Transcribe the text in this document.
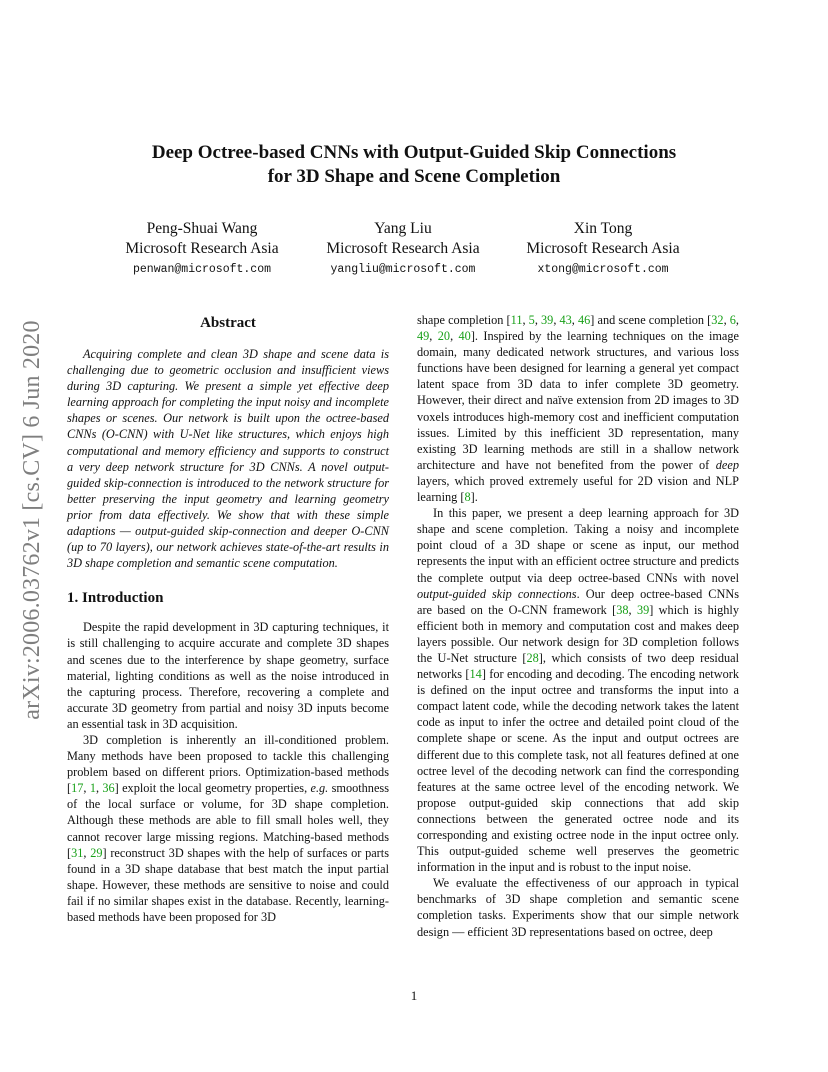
arXiv:2006.03762v1 [cs.CV] 6 Jun 2020
Deep Octree-based CNNs with Output-Guided Skip Connections
for 3D Shape and Scene Completion
Peng-Shuai Wang
Microsoft Research Asia
penwan@microsoft.com
Yang Liu
Microsoft Research Asia
yangliu@microsoft.com
Xin Tong
Microsoft Research Asia
xtong@microsoft.com
Abstract

Acquiring complete and clean 3D shape and scene data is challenging due to geometric occlusion and insufficient views during 3D capturing. We present a simple yet effective deep learning approach for completing the input noisy and incomplete shapes or scenes. Our network is built upon the octree-based CNNs (O-CNN) with U-Net like structures, which enjoys high computational and memory efficiency and supports to construct a very deep network structure for 3D CNNs. A novel output-guided skip-connection is introduced to the network structure for better preserving the input geometry and learning geometry prior from data effectively. We show that with these simple adaptions — output-guided skip-connection and deeper O-CNN (up to 70 layers), our network achieves state-of-the-art results in 3D shape completion and semantic scene computation.

1. Introduction

Despite the rapid development in 3D capturing techniques, it is still challenging to acquire accurate and complete 3D shapes and scenes due to the interference by shape geometry, surface material, lighting conditions as well as the noise introduced in the capturing process. Therefore, recovering a complete and accurate 3D geometry from partial and noisy 3D inputs become an essential task in 3D acquisition.

3D completion is inherently an ill-conditioned problem. Many methods have been proposed to tackle this challenging problem based on different priors. Optimization-based methods [17, 1, 36] exploit the local geometry properties, e.g. smoothness of the local surface or volume, for 3D shape completion. Although these methods are able to fill small holes well, they cannot recover large missing regions. Matching-based methods [31, 29] reconstruct 3D shapes with the help of surfaces or parts found in a 3D shape database that best match the input partial shape. However, these methods are sensitive to noise and could fail if no similar shapes exist in the database. Recently, learning-based methods have been proposed for 3D

shape completion [11, 5, 39, 43, 46] and scene completion [32, 6, 49, 20, 40]. Inspired by the learning techniques on the image domain, many dedicated network structures, and various loss functions have been designed for learning a general yet compact latent space from 3D data to infer complete 3D geometry. However, their direct and naïve extension from 2D images to 3D voxels introduces high-memory cost and inefficient computation issues. Limited by this inefficient 3D representation, many existing 3D learning methods are still in a shallow network architecture and have not benefited from the power of deep layers, which proved extremely useful for 2D vision and NLP learning [8].

In this paper, we present a deep learning approach for 3D shape and scene completion. Taking a noisy and incomplete point cloud of a 3D shape or scene as input, our method represents the input with an efficient octree structure and predicts the complete output via deep octree-based CNNs with novel output-guided skip connections. Our deep octree-based CNNs are based on the O-CNN framework [38, 39] which is highly efficient both in memory and computation cost and makes deep layers possible. Our network design for 3D completion follows the U-Net structure [28], which consists of two deep residual networks [14] for encoding and decoding. The encoding network is defined on the input octree and transforms the input into a compact latent code, while the decoding network takes the latent code as input to infer the octree and detailed point cloud of the complete shape or scene. As the input and output octrees are different due to this complete task, not all features defined at one octree level of the decoding network can find the corresponding features at the same octree level of the encoding network. We propose output-guided skip connections that add skip connections between the generated octree node and its corresponding and existing octree node in the input octree only. This output-guided scheme well preserves the geometric information in the input and is robust to the input noise.

We evaluate the effectiveness of our approach in typical benchmarks of 3D shape completion and semantic scene completion tasks. Experiments show that our simple network design — efficient 3D representations based on octree, deep

1
